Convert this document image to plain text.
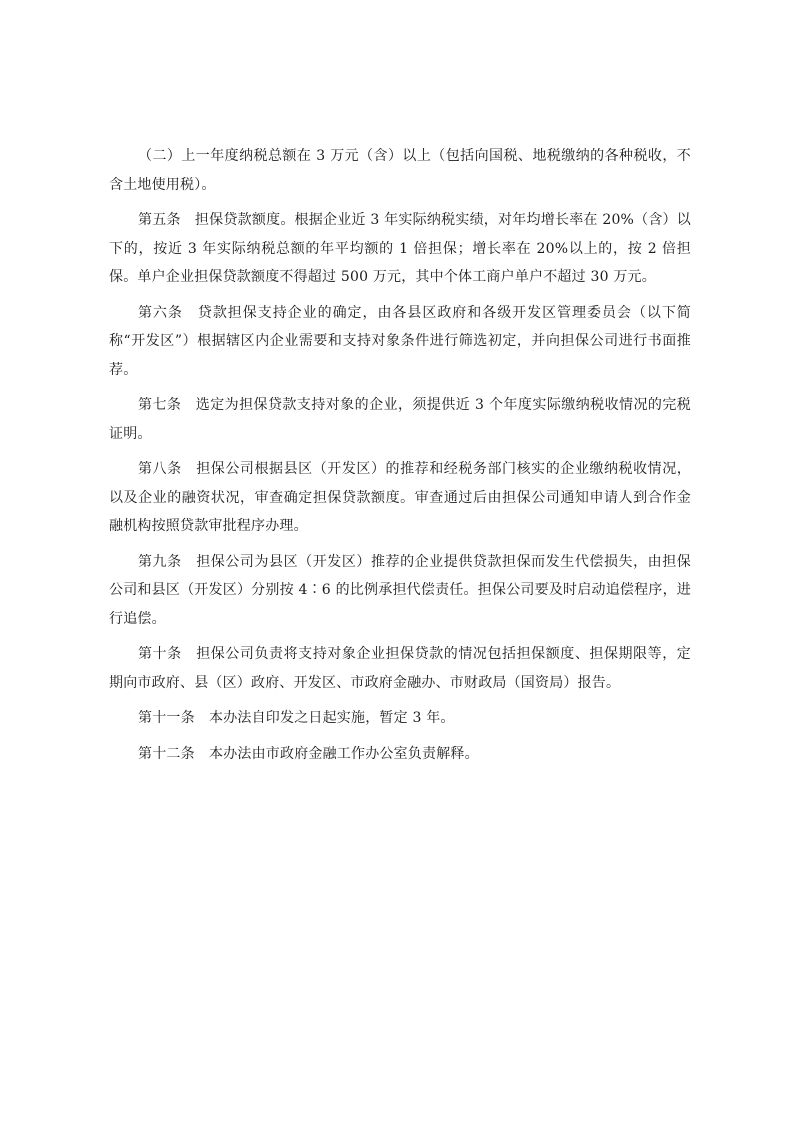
（二）上一年度纳税总额在 3 万元（含）以上（包括向国税、地税缴纳的各种税收，不含土地使用税）。

第五条　担保贷款额度。根据企业近 3 年实际纳税实绩，对年均增长率在 20%（含）以下的，按近 3 年实际纳税总额的年平均额的 1 倍担保；增长率在 20%以上的，按 2 倍担保。单户企业担保贷款额度不得超过 500 万元，其中个体工商户单户不超过 30 万元。

第六条　贷款担保支持企业的确定，由各县区政府和各级开发区管理委员会（以下简称“开发区”）根据辖区内企业需要和支持对象条件进行筛选初定，并向担保公司进行书面推荐。

第七条　选定为担保贷款支持对象的企业，须提供近 3 个年度实际缴纳税收情况的完税证明。

第八条　担保公司根据县区（开发区）的推荐和经税务部门核实的企业缴纳税收情况，以及企业的融资状况，审查确定担保贷款额度。审查通过后由担保公司通知申请人到合作金融机构按照贷款审批程序办理。

第九条　担保公司为县区（开发区）推荐的企业提供贷款担保而发生代偿损失，由担保公司和县区（开发区）分别按 4∶6 的比例承担代偿责任。担保公司要及时启动追偿程序，进行追偿。

第十条　担保公司负责将支持对象企业担保贷款的情况包括担保额度、担保期限等，定期向市政府、县（区）政府、开发区、市政府金融办、市财政局（国资局）报告。

第十一条　本办法自印发之日起实施，暂定 3 年。

第十二条　本办法由市政府金融工作办公室负责解释。
